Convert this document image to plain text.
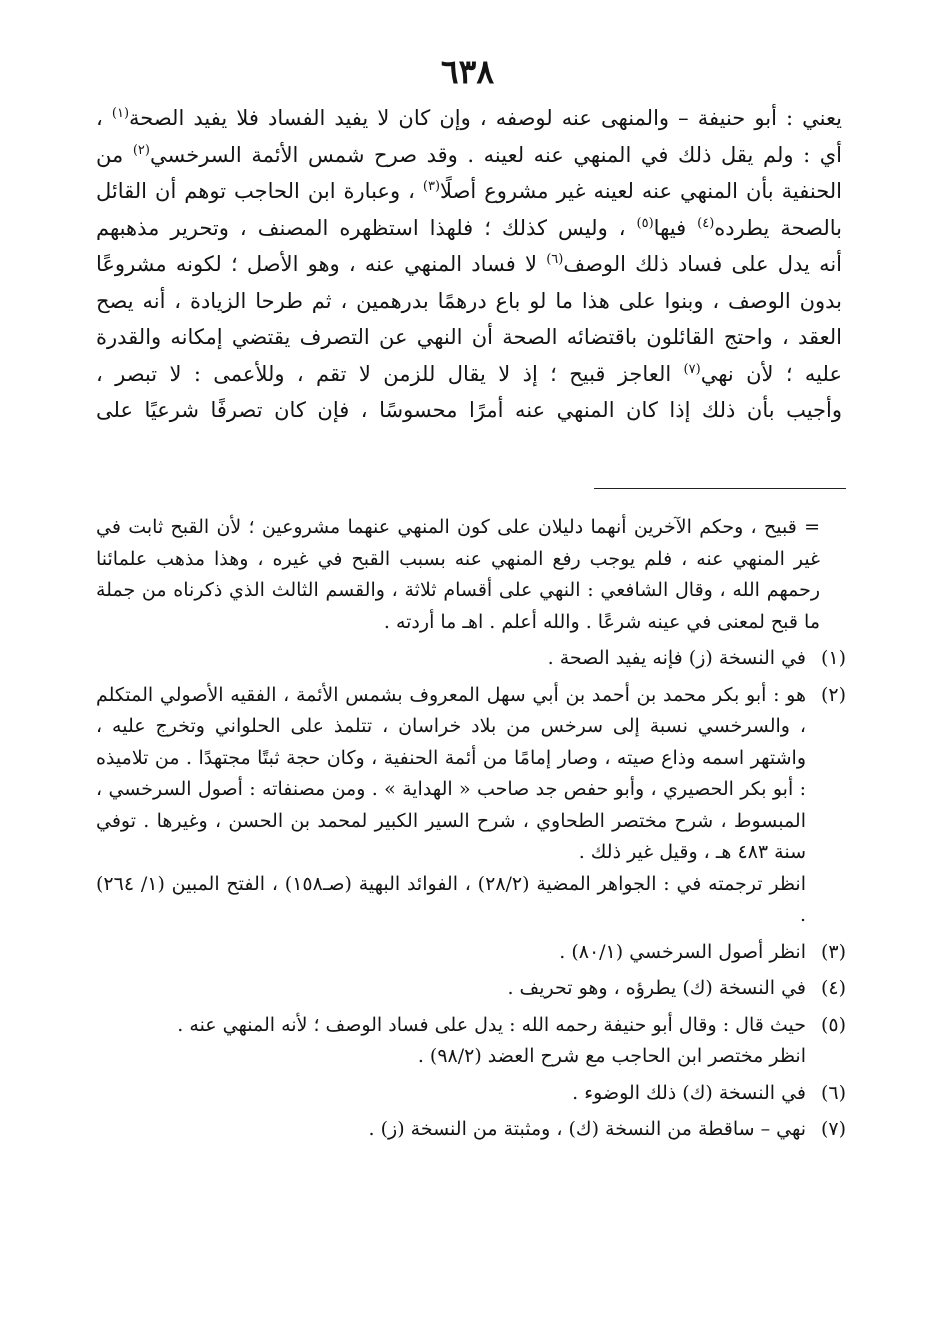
٦٣٨

يعني : أبو حنيفة – والمنهى عنه لوصفه ، وإن كان لا يفيد الفساد فلا يفيد الصحة$^{(١)}$ ،

أي : ولم يقل ذلك في المنهي عنه لعينه . وقد صرح شمس الأئمة السرخسي$^{(٢)}$ من

الحنفية بأن المنهي عنه لعينه غير مشروع أصلًا$^{(٣)}$ ، وعبارة ابن الحاجب توهم أن القائل

بالصحة يطرده$^{(٤)}$ فيها$^{(٥)}$ ، وليس كذلك ؛ فلهذا استظهره المصنف ، وتحرير مذهبهم

أنه يدل على فساد ذلك الوصف$^{(٦)}$ لا فساد المنهي عنه ، وهو الأصل ؛ لكونه مشروعًا

بدون الوصف ، وبنوا على هذا ما لو باع درهمًا بدرهمين ، ثم طرحا الزيادة ، أنه يصح

العقد ، واحتج القائلون باقتضائه الصحة أن النهي عن التصرف يقتضي إمكانه والقدرة

عليه ؛ لأن نهي$^{(٧)}$ العاجز قبيح ؛ إذ لا يقال للزمن لا تقم ، وللأعمى : لا تبصر ،

وأجيب بأن ذلك إذا كان المنهي عنه أمرًا محسوسًا ، فإن كان تصرفًا شرعيًا على

= قبيح ، وحكم الآخرين أنهما دليلان على كون المنهي عنهما مشروعين ؛ لأن القبح ثابت في غير المنهي عنه ، فلم يوجب رفع المنهي عنه بسبب القبح في غيره ، وهذا مذهب علمائنا رحمهم الله ، وقال الشافعي : النهي على أقسام ثلاثة ، والقسم الثالث الذي ذكرناه من جملة ما قبح لمعنى في عينه شرعًا . والله أعلم . اهـ ما أردته .
(١)

في النسخة (ز) فإنه يفيد الصحة .

(٢)

هو : أبو بكر محمد بن أحمد بن أبي سهل المعروف بشمس الأئمة ، الفقيه الأصولي المتكلم ، والسرخسي نسبة إلى سرخس من بلاد خراسان ، تتلمذ على الحلواني وتخرج عليه ، واشتهر اسمه وذاع صيته ، وصار إمامًا من أئمة الحنفية ، وكان حجة ثبتًا مجتهدًا . من تلاميذه : أبو بكر الحصيري ، وأبو حفص جد صاحب « الهداية » . ومن مصنفاته : أصول السرخسي ، المبسوط ، شرح مختصر الطحاوي ، شرح السير الكبير لمحمد بن الحسن ، وغيرها . توفي سنة ٤٨٣ هـ ، وقيل غير ذلك .

انظر ترجمته في : الجواهر المضية (٢٨/٢) ، الفوائد البهية (صـ١٥٨) ، الفتح المبين (١/ ٢٦٤) .

(٣)

انظر أصول السرخسي (٨٠/١) .

(٤)

في النسخة (ك) يطرؤه ، وهو تحريف .

(٥)

حيث قال : وقال أبو حنيفة رحمه الله : يدل على فساد الوصف ؛ لأنه المنهي عنه .

انظر مختصر ابن الحاجب مع شرح العضد (٩٨/٢) .

(٦)

في النسخة (ك) ذلك الوضوء .

(٧)

نهي – ساقطة من النسخة (ك) ، ومثبتة من النسخة (ز) .
